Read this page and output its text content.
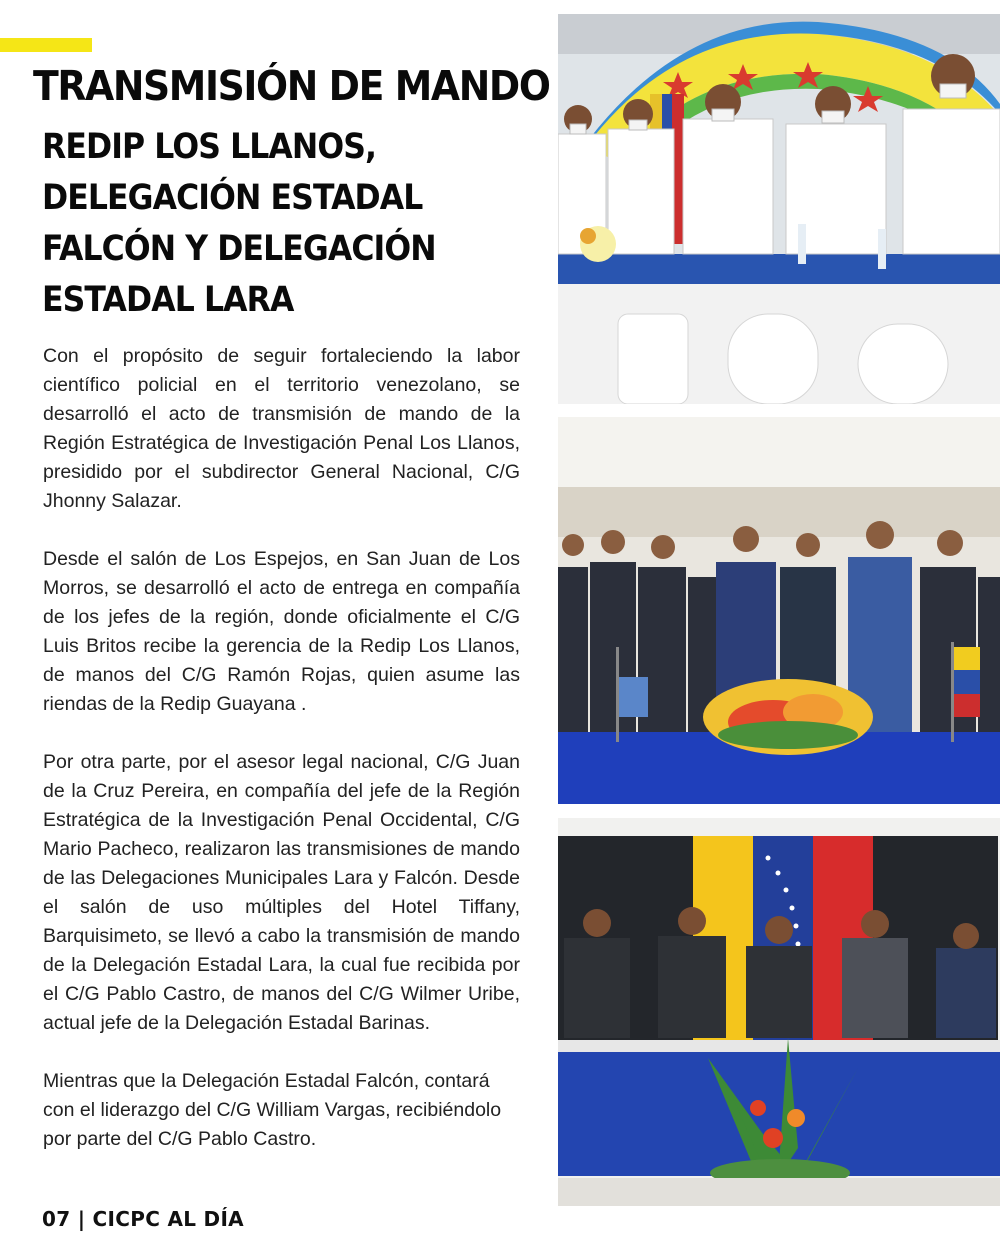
TRANSMISIÓN DE MANDO
REDIP LOS LLANOS,
DELEGACIÓN ESTADAL
FALCÓN Y DELEGACIÓN
ESTADAL LARA

Con el propósito de seguir fortaleciendo la labor científico policial en el territorio venezolano, se desarrolló el acto de transmisión de mando de la Región Estratégica de Investigación Penal Los Llanos, presidido por el subdirector General Nacional, C/G Jhonny Salazar.

Desde el salón de Los Espejos, en San Juan de Los Morros, se desarrolló el acto de entrega en compañía de los jefes de la región, donde oficialmente el C/G Luis Britos recibe la gerencia de la Redip Los Llanos, de manos del C/G Ramón Rojas, quien asume las riendas de la Redip Guayana .

Por otra parte, por el asesor legal nacional, C/G Juan de la Cruz Pereira, en compañía del jefe de la Región Estratégica de la Investigación Penal Occidental, C/G Mario Pacheco, realizaron las transmisiones de mando de las Delegaciones Municipales Lara y Falcón. Desde el salón de uso múltiples del Hotel Tiffany, Barquisimeto, se llevó a cabo la transmisión de mando de la Delegación Estadal Lara, la cual fue recibida por el C/G Pablo Castro, de manos del C/G Wilmer Uribe, actual jefe de la Delegación Estadal Barinas.

Mientras que la Delegación Estadal Falcón, contará con el liderazgo del C/G William Vargas, recibiéndolo por parte del C/G Pablo Castro.

07 | CICPC AL DÍA
